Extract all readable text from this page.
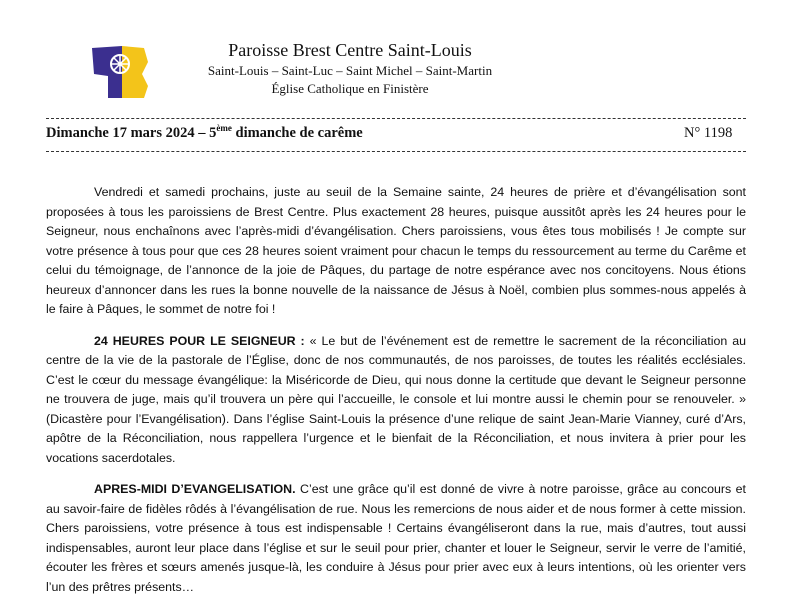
Paroisse Brest Centre Saint-Louis
Saint-Louis – Saint-Luc – Saint Michel – Saint-Martin
Église Catholique en Finistère
Dimanche 17 mars 2024 – 5ème dimanche de carême	N° 1198

Vendredi et samedi prochains, juste au seuil de la Semaine sainte, 24 heures de prière et d’évangélisation sont proposées à tous les paroissiens de Brest Centre. Plus exactement 28 heures, puisque aussitôt après les 24 heures pour le Seigneur, nous enchaînons avec l’après-midi d’évangélisation. Chers paroissiens, vous êtes tous mobilisés ! Je compte sur votre présence à tous pour que ces 28 heures soient vraiment pour chacun le temps du ressourcement au terme du Carême et celui du témoignage, de l’annonce de la joie de Pâques, du partage de notre espérance avec nos concitoyens. Nous étions heureux d’annoncer dans les rues la bonne nouvelle de la naissance de Jésus à Noël, combien plus sommes-nous appelés à le faire à Pâques, le sommet de notre foi !

24 HEURES POUR LE SEIGNEUR : « Le but de l’événement est de remettre le sacrement de la réconciliation au centre de la vie de la pastorale de l’Église, donc de nos communautés, de nos paroisses, de toutes les réalités ecclésiales. C’est le cœur du message évangélique: la Miséricorde de Dieu, qui nous donne la certitude que devant le Seigneur personne ne trouvera de juge, mais qu’il trouvera un père qui l’accueille, le console et lui montre aussi le chemin pour se renouveler. » (Dicastère pour l’Evangélisation). Dans l’église Saint-Louis la présence d’une relique de saint Jean-Marie Vianney, curé d’Ars, apôtre de la Réconciliation, nous rappellera l’urgence et le bienfait de la Réconciliation, et nous invitera à prier pour les vocations sacerdotales.

APRES-MIDI D’EVANGELISATION. C’est une grâce qu’il est donné de vivre à notre paroisse, grâce au concours et au savoir-faire de fidèles rôdés à l’évangélisation de rue. Nous les remercions de nous aider et de nous former à cette mission. Chers paroissiens, votre présence à tous est indispensable ! Certains évangéliseront dans la rue, mais d’autres, tout aussi indispensables, auront leur place dans l’église et sur le seuil pour prier, chanter et louer le Seigneur, servir le verre de l’amitié, écouter les frères et sœurs amenés jusque-là, les conduire à Jésus pour prier avec eux à leurs intentions, où les orienter vers l’un des prêtres présents…
